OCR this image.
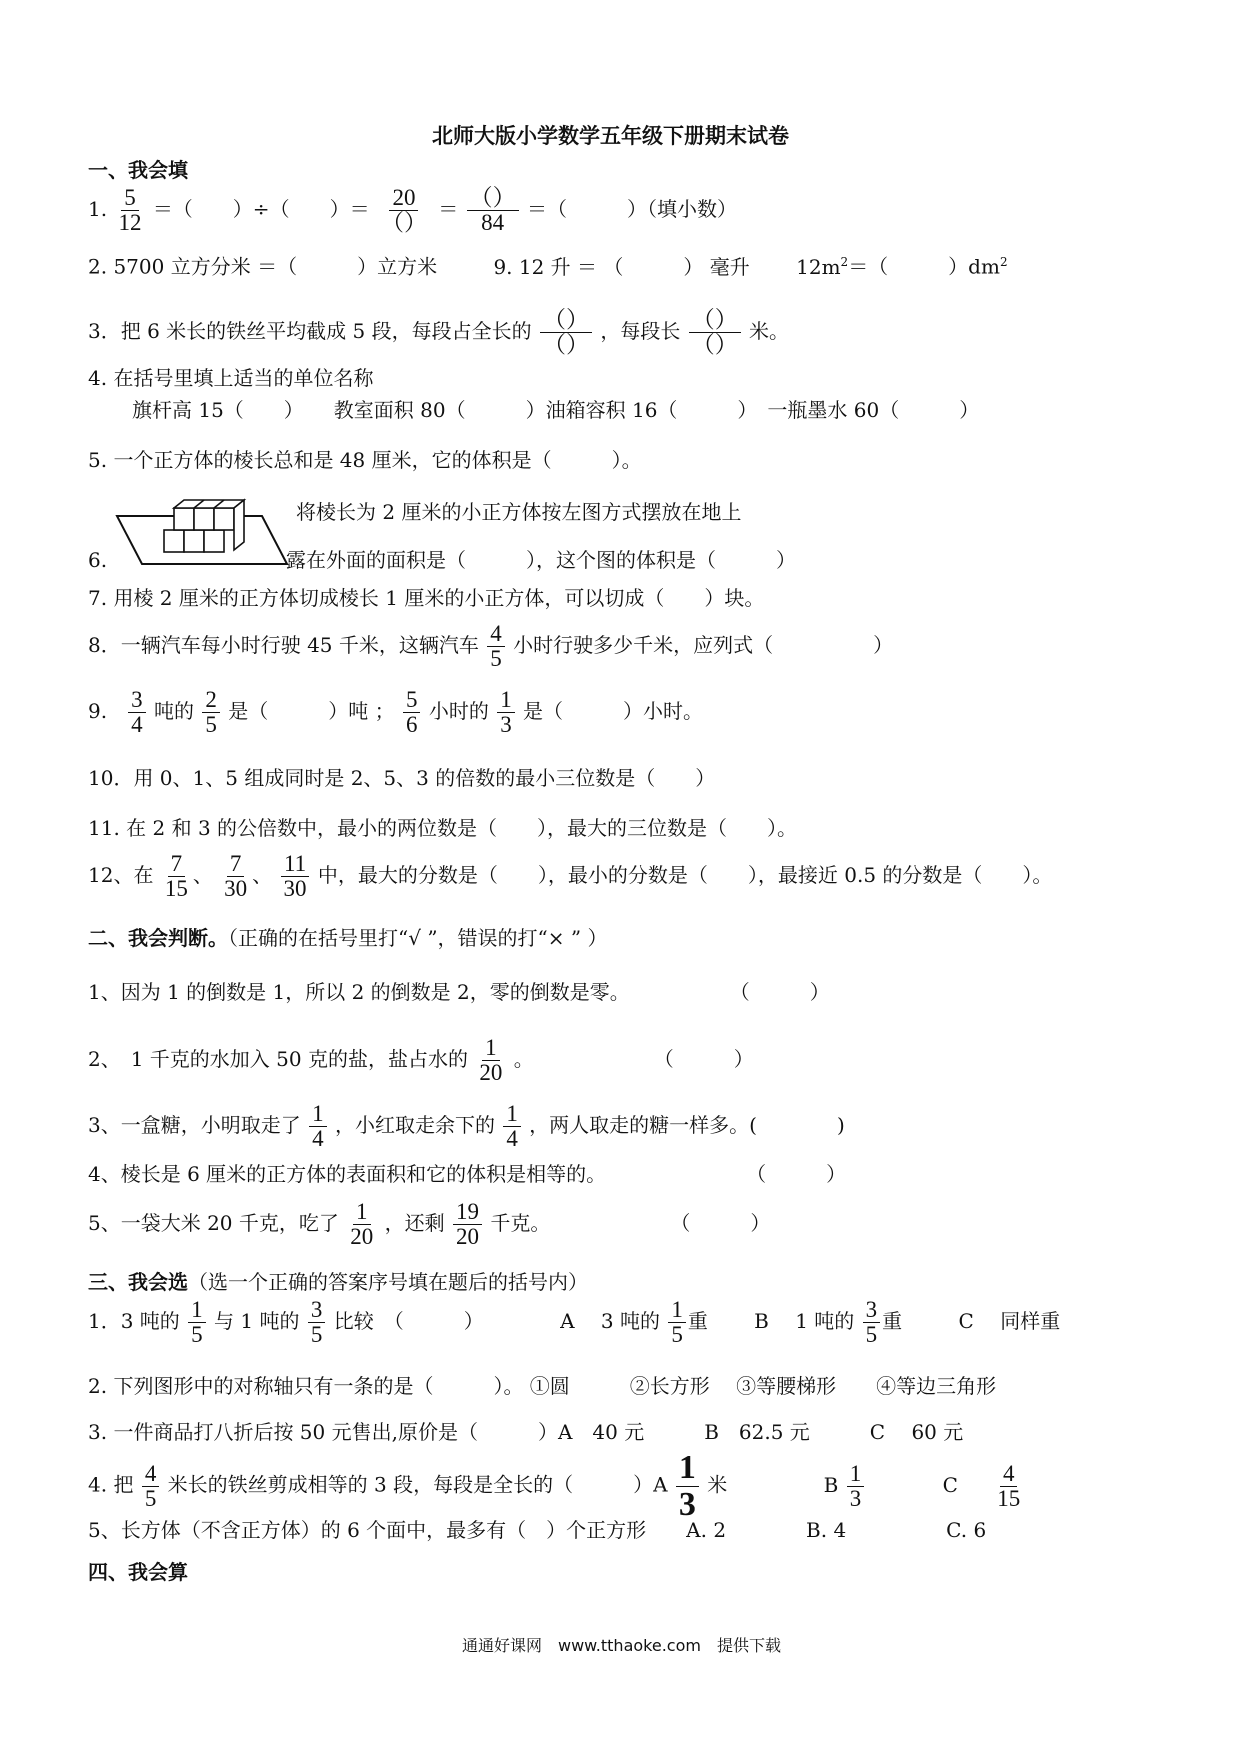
北师大版小学数学五年级下册期末试卷
一、我会填
1. $\frac{5}{12}$ ＝（　　）÷（　　）＝ $\frac{20}{()} = \frac{()}{84}$ ＝（　　　）（填小数）
2. 5700 立方分米 ＝（　　　）立方米	9. 12 升 ＝ （　　　） 毫升 $12m^2=$（　　　）$dm^2$
3．把 6 米长的铁丝平均截成 5 段，每段占全长的 $\frac{()}{()}$ ，每段长 $\frac{()}{()}$ 米。
4. 在括号里填上适当的单位名称
旗杆高 15（　　）　　教室面积 80（　　　）油箱容积 16（　　　）　一瓶墨水 60（　　　）
5. 一个正方体的棱长总和是 48 厘米，它的体积是（　　　）。
6.
将棱长为 2 厘米的小正方体按左图方式摆放在地上
露在外面的面积是（　　　），这个图的体积是（　　　）
7. 用棱 2 厘米的正方体切成棱长 1 厘米的小正方体，可以切成（　　）块。
8．一辆汽车每小时行驶 45 千米，这辆汽车 $\frac{4}{5}$ 小时行驶多少千米，应列式（　　　　　）
9. $\frac{3}{4}$ 吨的 $\frac{2}{5}$ 是（　　　）吨 ； $\frac{5}{6}$ 小时的 $\frac{1}{3}$ 是（　　　）小时。
10．用 0、1、5 组成同时是 2、5、3 的倍数的最小三位数是（　　）
11. 在 2 和 3 的公倍数中，最小的两位数是（　　），最大的三位数是（　　）。
12、在 $\frac{7}{15}$ 、 $\frac{7}{30}$ 、 $\frac{11}{30}$ 中，最大的分数是（　　），最小的分数是（　　），最接近 0.5 的分数是（　　）。
二、我会判断。（正确的在括号里打“√ ”，错误的打“× ” ）
1、因为 1 的倒数是 1，所以 2 的倒数是 2，零的倒数是零。	（　　　）
2、　1 千克的水加入 50 克的盐，盐占水的 $\frac{1}{20}$ 。	（　　　）
3、一盒糖，小明取走了 $\frac{1}{4}$ ，小红取走余下的 $\frac{1}{4}$ ，两人取走的糖一样多。(　　　　)
4、棱长是 6 厘米的正方体的表面积和它的体积是相等的。	（　　　）
5、一袋大米 20 千克，吃了 $\frac{1}{20}$ ，还剩 $\frac{19}{20}$ 千克。	（　　　）
三、我会选（选一个正确的答案序号填在题后的括号内）
1．3 吨的 $\frac{1}{5}$ 与 1 吨的 $\frac{3}{5}$ 比较　（　　　）	A　 3 吨的 $\frac{1}{5}$ 重 B　 1 吨的 $\frac{3}{5}$ 重	C　 同样重
2. 下列图形中的对称轴只有一条的是（　　　）。 ①圆　　　②长方形　 ③等腰梯形　　④等边三角形
3. 一件商品打八折后按 50 元售出,原价是（　　　）A　40 元　　　B　62.5 元　　　C　 60 元
4. 把 $\frac{4}{5}$ 米长的铁丝剪成相等的 3 段，每段是全长的（　　　）$A \frac{1}{3}$ 米	B $\frac{1}{3}$	C $\frac{4}{15}$
5、长方体（不含正方体）的 6 个面中，最多有（　）个正方形　　A. 2　　　　B. 4　　　　　C. 6
四、我会算
通通好课网　www.tthaoke.com　提供下载
